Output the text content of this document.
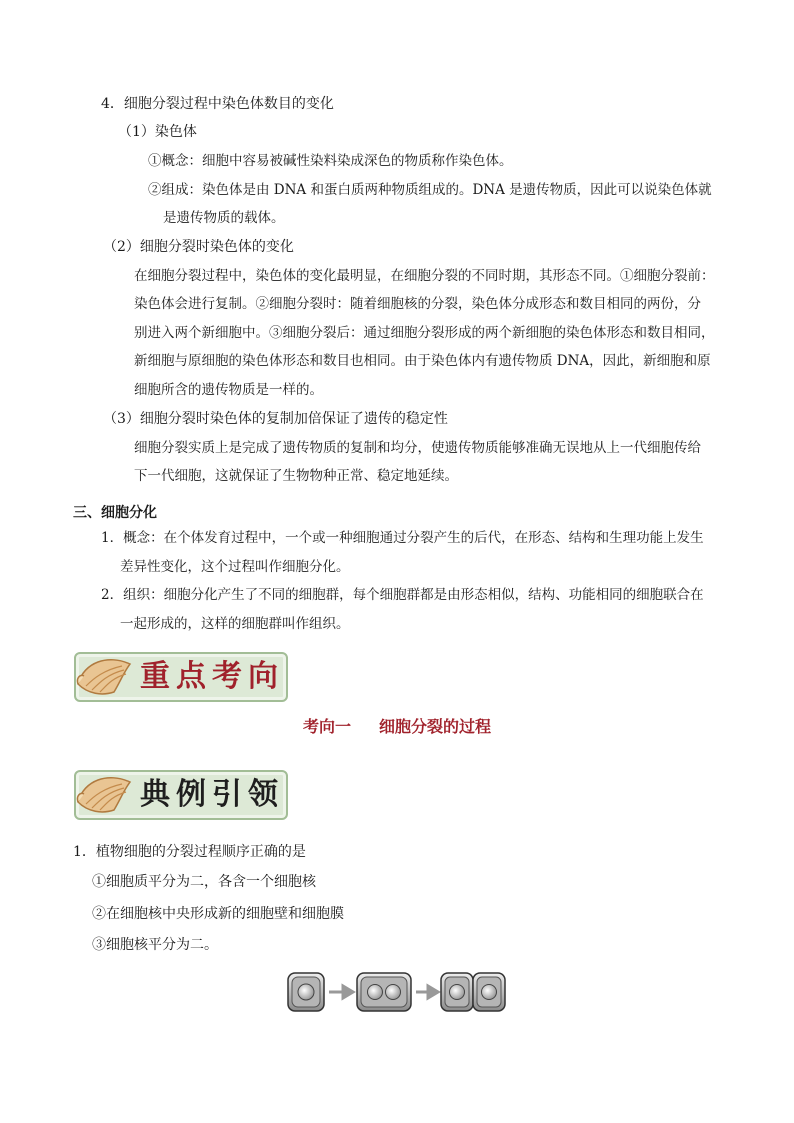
4．细胞分裂过程中染色体数目的变化
（1）染色体
①概念：细胞中容易被碱性染料染成深色的物质称作染色体。
②组成：染色体是由 DNA 和蛋白质两种物质组成的。DNA 是遗传物质，因此可以说染色体就
是遗传物质的载体。
（2）细胞分裂时染色体的变化
在细胞分裂过程中，染色体的变化最明显，在细胞分裂的不同时期，其形态不同。①细胞分裂前：
染色体会进行复制。②细胞分裂时：随着细胞核的分裂，染色体分成形态和数目相同的两份，分
别进入两个新细胞中。③细胞分裂后：通过细胞分裂形成的两个新细胞的染色体形态和数目相同，
新细胞与原细胞的染色体形态和数目也相同。由于染色体内有遗传物质 DNA，因此，新细胞和原
细胞所含的遗传物质是一样的。
（3）细胞分裂时染色体的复制加倍保证了遗传的稳定性
细胞分裂实质上是完成了遗传物质的复制和均分，使遗传物质能够准确无误地从上一代细胞传给
下一代细胞，这就保证了生物物种正常、稳定地延续。
三、细胞分化
1．概念：在个体发育过程中，一个或一种细胞通过分裂产生的后代，在形态、结构和生理功能上发生
差异性变化，这个过程叫作细胞分化。
2．组织：细胞分化产生了不同的细胞群，每个细胞群都是由形态相似，结构、功能相同的细胞联合在
一起形成的，这样的细胞群叫作组织。
重点考向
考向一 细胞分裂的过程
典例引领
1．植物细胞的分裂过程顺序正确的是
①细胞质平分为二，各含一个细胞核
②在细胞核中央形成新的细胞壁和细胞膜
③细胞核平分为二。
